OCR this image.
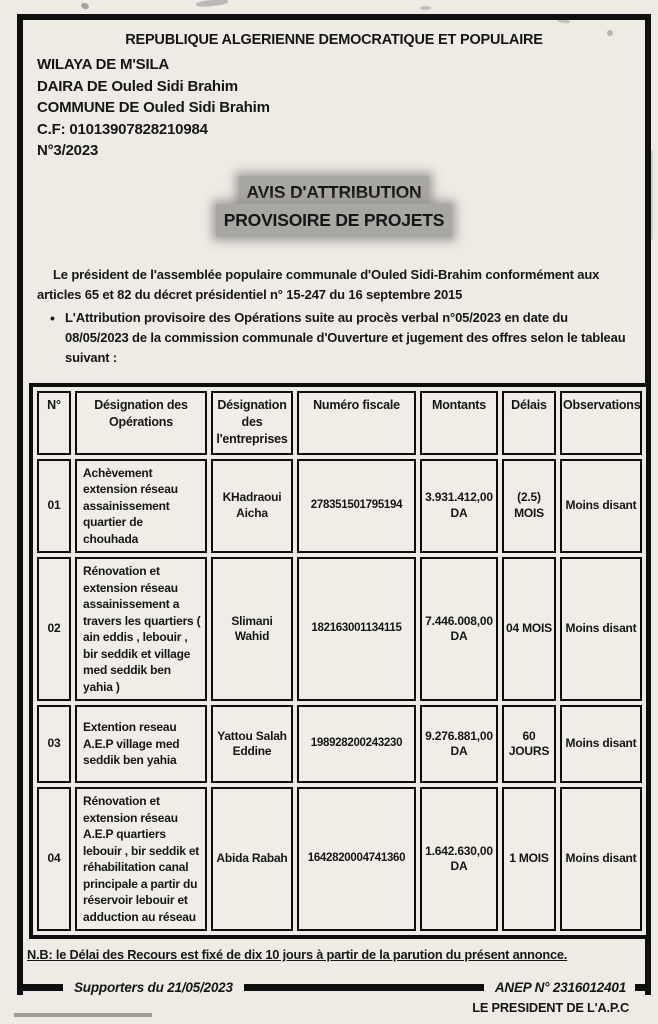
REPUBLIQUE ALGERIENNE DEMOCRATIQUE ET POPULAIRE
WILAYA DE M'SILA
DAIRA DE Ouled Sidi Brahim
COMMUNE DE Ouled Sidi Brahim
C.F: 01013907828210984
N°3/2023
AVIS D'ATTRIBUTION
PROVISOIRE DE PROJETS

Le président de l'assemblée populaire communale d'Ouled Sidi-Brahim conformément aux articles 65 et 82 du décret présidentiel n° 15-247 du 16 septembre 2015

• L'Attribution provisoire des Opérations suite au procès verbal n°05/2023 en date du 08/05/2023 de la commission communale d'Ouverture et jugement des offres selon le tableau suivant :
N°	Désignation des Opérations	Désignation des l'entreprises	Numéro fiscale	Montants	Délais	Observations
01	Achèvement extension réseau assainissement quartier de chouhada	KHadraoui Aicha	278351501795194	3.931.412,00 DA	(2.5) MOIS	Moins disant
02	Rénovation et extension réseau assainissement a travers les quartiers ( ain eddis , lebouir , bir seddik et village med seddik ben yahia )	Slimani Wahid	182163001134115	7.446.008,00 DA	04 MOIS	Moins disant
03	Extention reseau A.E.P village med seddik ben yahia	Yattou Salah Eddine	198928200243230	9.276.881,00 DA	60 JOURS	Moins disant
04	Rénovation et extension réseau A.E.P quartiers lebouir , bir seddik et réhabilitation canal principale a partir du réservoir lebouir et adduction au réseau	Abida Rabah	1642820004741360	1.642.630,00 DA	1 MOIS	Moins disant

N.B: le Délai des Recours est fixé de dix 10 jours à partir de la parution du présent annonce.

LE PRESIDENT DE L'A.P.C
Supporters du 21/05/2023	ANEP N° 2316012401
